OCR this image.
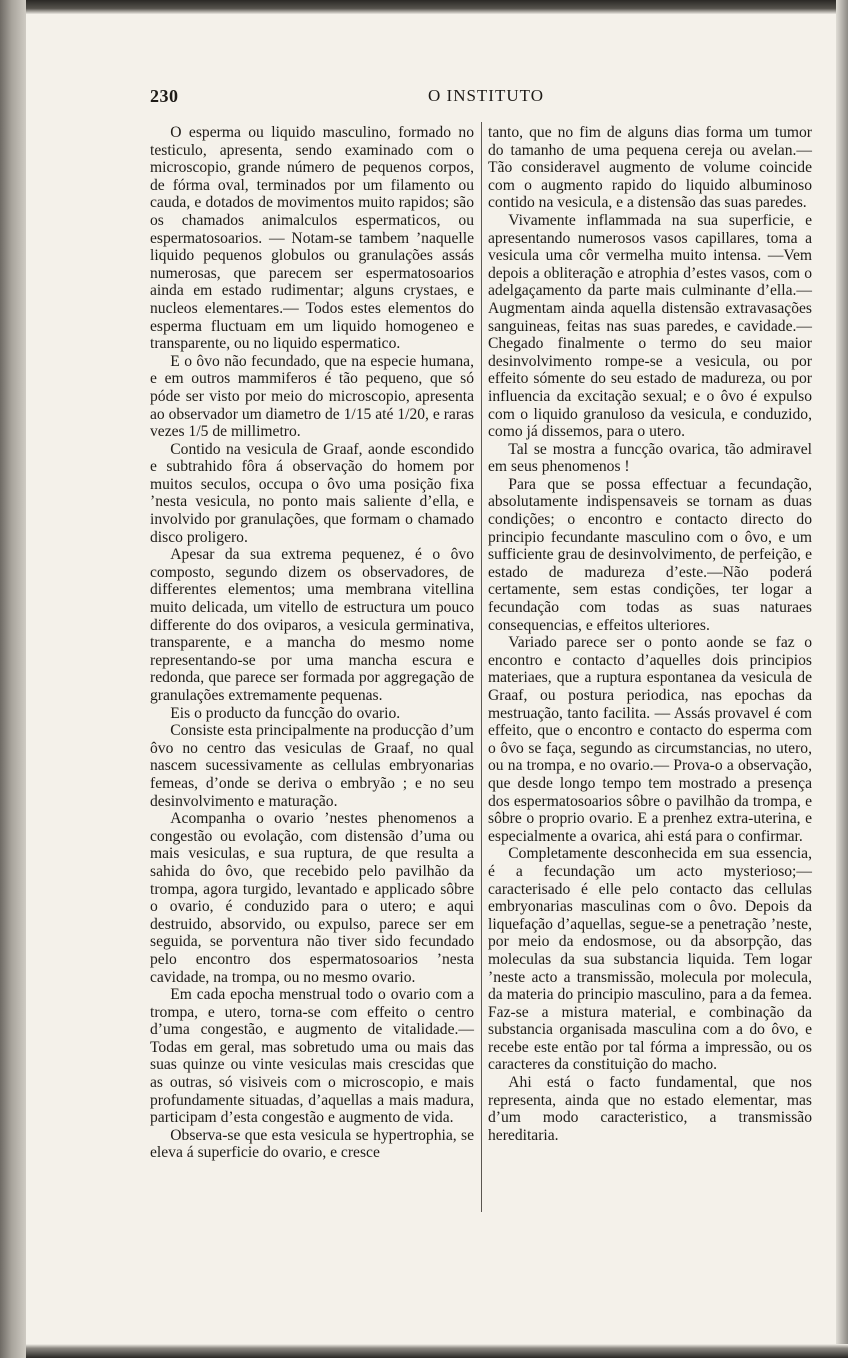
230	O INSTITUTO

O esperma ou liquido masculino, formado no testiculo, apresenta, sendo examinado com o microscopio, grande número de pequenos corpos, de fórma oval, terminados por um filamento ou cauda, e dotados de movimentos muito rapidos; são os chamados animalculos espermaticos, ou espermatosoarios. — Notam-se tambem ’naquelle liquido pequenos globulos ou granulações assás numerosas, que parecem ser espermatosoarios ainda em estado rudimentar; alguns crystaes, e nucleos elementares.— Todos estes elementos do esperma fluctuam em um liquido homogeneo e transparente, ou no liquido espermatico.

E o ôvo não fecundado, que na especie humana, e em outros mammiferos é tão pequeno, que só póde ser visto por meio do microscopio, apresenta ao observador um diametro de 1/15 até 1/20, e raras vezes 1/5 de millimetro.

Contido na vesicula de Graaf, aonde escondido e subtrahido fôra á observação do homem por muitos seculos, occupa o ôvo uma posição fixa ’nesta vesicula, no ponto mais saliente d’ella, e involvido por granulações, que formam o chamado disco proligero.

Apesar da sua extrema pequenez, é o ôvo composto, segundo dizem os observadores, de differentes elementos; uma membrana vitellina muito delicada, um vitello de estructura um pouco differente do dos oviparos, a vesicula germinativa, transparente, e a mancha do mesmo nome representando-se por uma mancha escura e redonda, que parece ser formada por aggregação de granulações extremamente pequenas.

Eis o producto da funcção do ovario.

Consiste esta principalmente na producção d’um ôvo no centro das vesiculas de Graaf, no qual nascem sucessivamente as cellulas embryonarias femeas, d’onde se deriva o embryão ; e no seu desinvolvimento e maturação.

Acompanha o ovario ’nestes phenomenos a congestão ou evolação, com distensão d’uma ou mais vesiculas, e sua ruptura, de que resulta a sahida do ôvo, que recebido pelo pavilhão da trompa, agora turgido, levantado e applicado sôbre o ovario, é conduzido para o utero; e aqui destruido, absorvido, ou expulso, parece ser em seguida, se porventura não tiver sido fecundado pelo encontro dos espermatosoarios ’nesta cavidade, na trompa, ou no mesmo ovario.

Em cada epocha menstrual todo o ovario com a trompa, e utero, torna-se com effeito o centro d’uma congestão, e augmento de vitalidade.— Todas em geral, mas sobretudo uma ou mais das suas quinze ou vinte vesiculas mais crescidas que as outras, só visiveis com o microscopio, e mais profundamente situadas, d’aquellas a mais madura, participam d’esta congestão e augmento de vida.

Observa-se que esta vesicula se hypertrophia, se eleva á superficie do ovario, e cresce

tanto, que no fim de alguns dias forma um tumor do tamanho de uma pequena cereja ou avelan.—Tão consideravel augmento de volume coincide com o augmento rapido do liquido albuminoso contido na vesicula, e a distensão das suas paredes.

Vivamente inflammada na sua superficie, e apresentando numerosos vasos capillares, toma a vesicula uma côr vermelha muito intensa. —Vem depois a obliteração e atrophia d’estes vasos, com o adelgaçamento da parte mais culminante d’ella.— Augmentam ainda aquella distensão extravasações sanguineas, feitas nas suas paredes, e cavidade.—Chegado finalmente o termo do seu maior desinvolvimento rompe-se a vesicula, ou por effeito sómente do seu estado de madureza, ou por influencia da excitação sexual; e o ôvo é expulso com o liquido granuloso da vesicula, e conduzido, como já dissemos, para o utero.

Tal se mostra a funcção ovarica, tão admiravel em seus phenomenos !

Para que se possa effectuar a fecundação, absolutamente indispensaveis se tornam as duas condições; o encontro e contacto directo do principio fecundante masculino com o ôvo, e um sufficiente grau de desinvolvimento, de perfeição, e estado de madureza d’este.—Não poderá certamente, sem estas condições, ter logar a fecundação com todas as suas naturaes consequencias, e effeitos ulteriores.

Variado parece ser o ponto aonde se faz o encontro e contacto d’aquelles dois principios materiaes, que a ruptura espontanea da vesicula de Graaf, ou postura periodica, nas epochas da mestruação, tanto facilita. — Assás provavel é com effeito, que o encontro e contacto do esperma com o ôvo se faça, segundo as circumstancias, no utero, ou na trompa, e no ovario.— Prova-o a observação, que desde longo tempo tem mostrado a presença dos espermatosoarios sôbre o pavilhão da trompa, e sôbre o proprio ovario. E a prenhez extra-uterina, e especialmente a ovarica, ahi está para o confirmar.

Completamente desconhecida em sua essencia, é a fecundação um acto mysterioso;— caracterisado é elle pelo contacto das cellulas embryonarias masculinas com o ôvo. Depois da liquefação d’aquellas, segue-se a penetração ’neste, por meio da endosmose, ou da absorpção, das moleculas da sua substancia liquida. Tem logar ’neste acto a transmissão, molecula por molecula, da materia do principio masculino, para a da femea. Faz-se a mistura material, e combinação da substancia organisada masculina com a do ôvo, e recebe este então por tal fórma a impressão, ou os caracteres da constituição do macho.

Ahi está o facto fundamental, que nos representa, ainda que no estado elementar, mas d’um modo caracteristico, a transmissão hereditaria.
